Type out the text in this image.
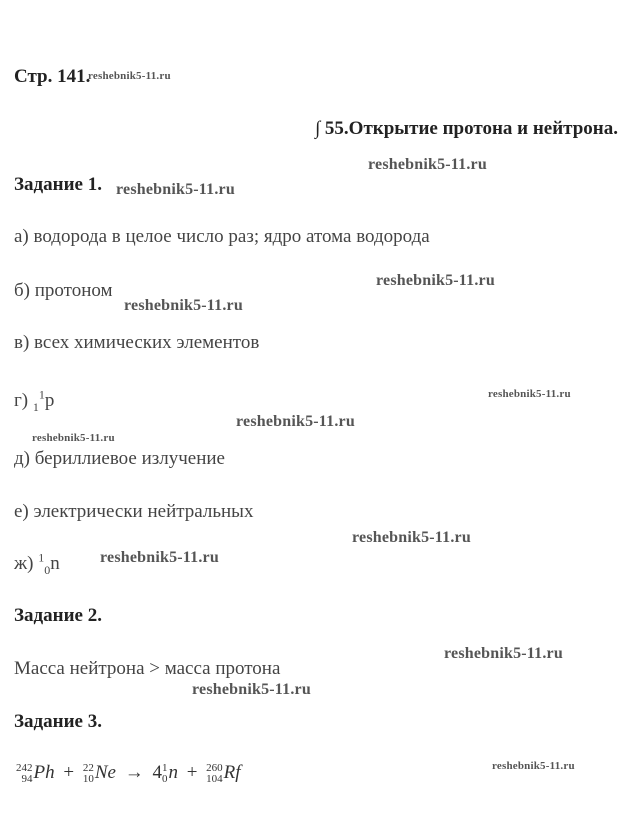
Стр. 141.
reshebnik5-11.ru
∫ 55.Открытие протона и нейтрона.
reshebnik5-11.ru
Задание 1. reshebnik5-11.ru
а) водорода в целое число раз; ядро атома водорода
reshebnik5-11.ru
б) протоном
reshebnik5-11.ru
в) всех химических элементов
г) $_1^1$p	reshebnik5-11.ru
reshebnik5-11.ru
reshebnik5-11.ru
д) бериллиевое излучение
е) электрически нейтральных
reshebnik5-11.ru
ж) $^1_0$n	reshebnik5-11.ru
Задание 2.
reshebnik5-11.ru
Масса нейтрона > масса протона
reshebnik5-11.ru
Задание 3.
reshebnik5-11.ru
242
94 Ph + 22
10 Ne → 4 1
0 n + 260
104 Rf
